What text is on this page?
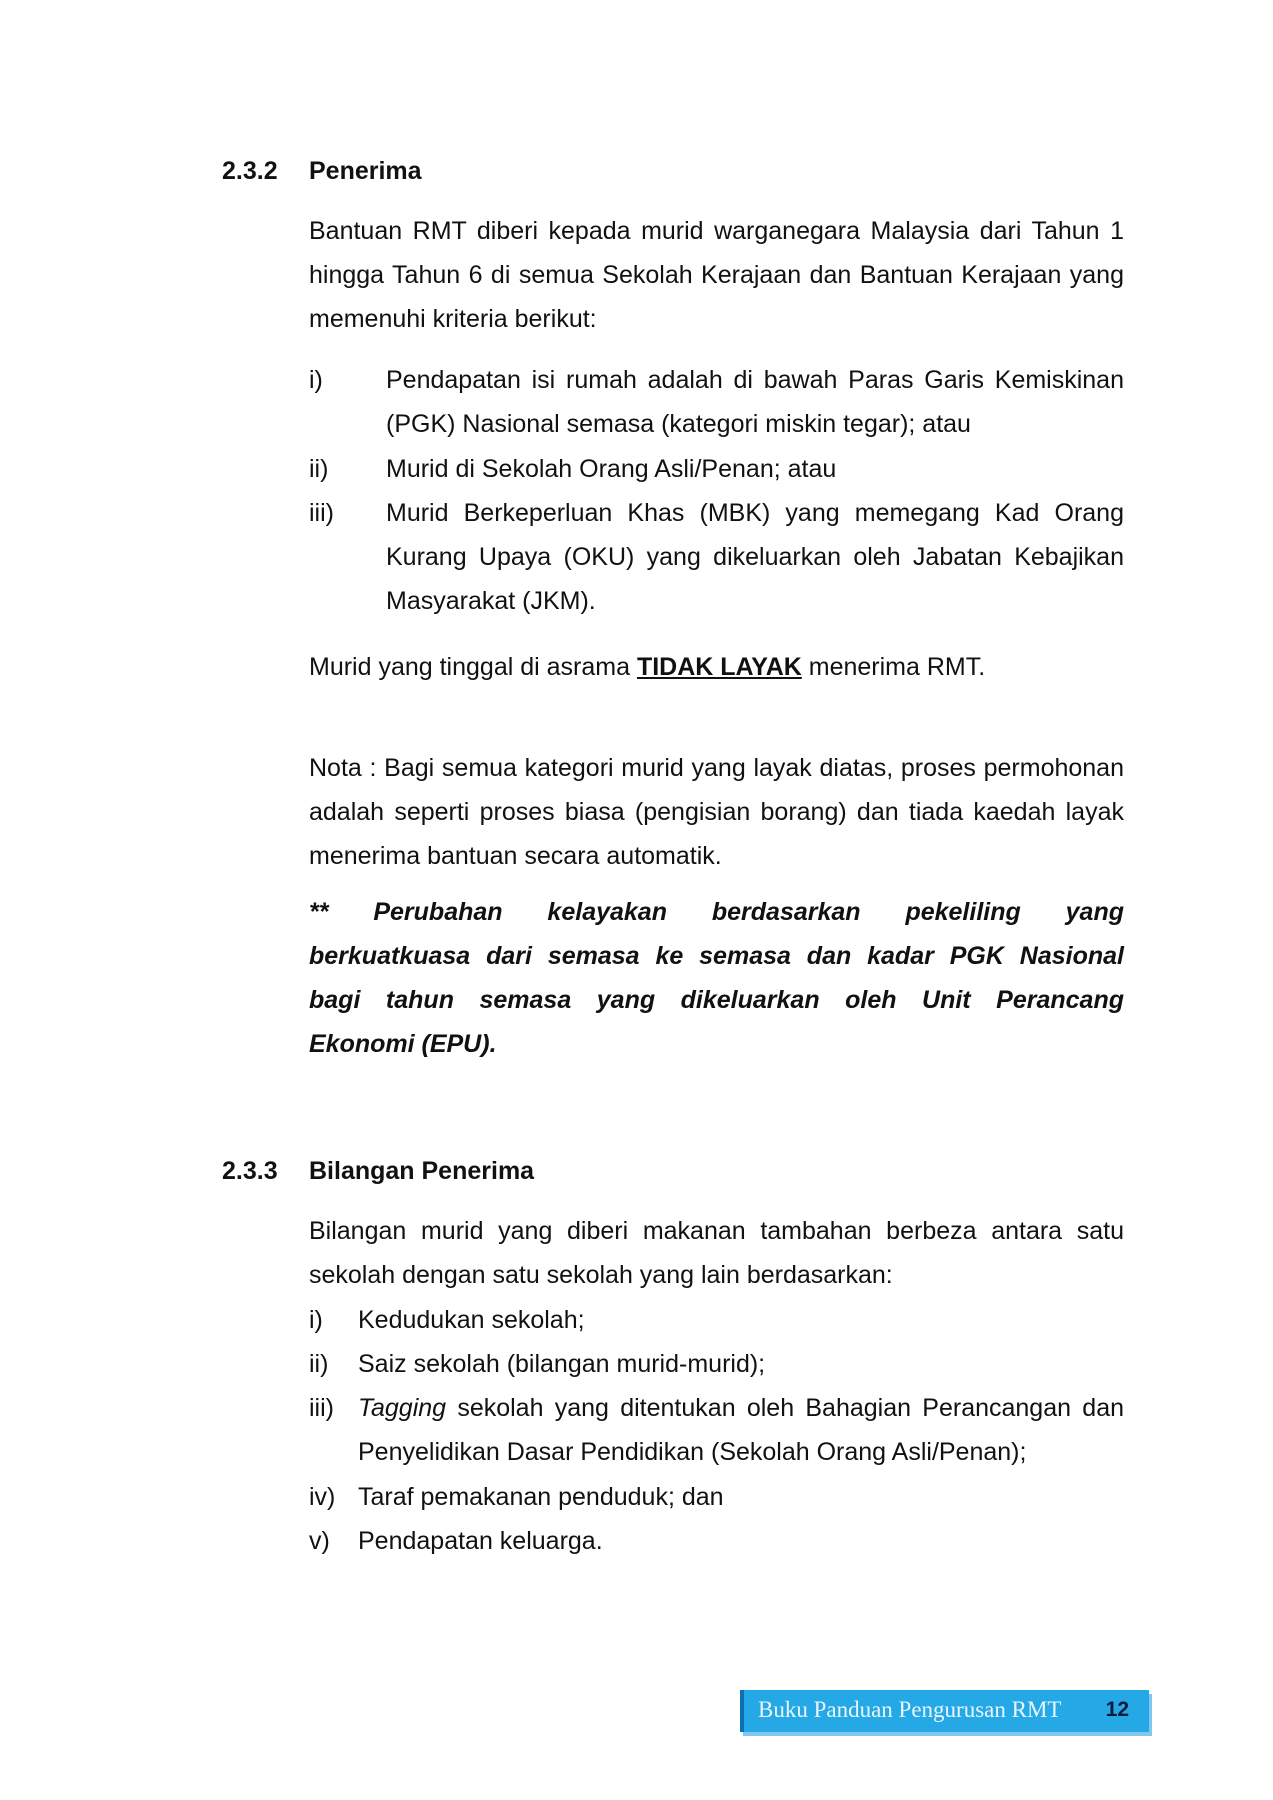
2.3.2 Penerima
Bantuan RMT diberi kepada murid warganegara Malaysia dari Tahun 1 hingga Tahun 6 di semua Sekolah Kerajaan dan Bantuan Kerajaan yang memenuhi kriteria berikut:
i)	Pendapatan isi rumah adalah di bawah Paras Garis Kemiskinan (PGK) Nasional semasa (kategori miskin tegar); atau
ii) Murid di Sekolah Orang Asli/Penan; atau
iii) Murid Berkeperluan Khas (MBK) yang memegang Kad Orang Kurang Upaya (OKU) yang dikeluarkan oleh Jabatan Kebajikan Masyarakat (JKM).
Murid yang tinggal di asrama TIDAK LAYAK menerima RMT.
Nota : Bagi semua kategori murid yang layak diatas, proses permohonan adalah seperti proses biasa (pengisian borang) dan tiada kaedah layak menerima bantuan secara automatik.
** Perubahan kelayakan berdasarkan pekeliling yang
berkuatkuasa dari semasa ke semasa dan kadar PGK Nasional
bagi tahun semasa yang dikeluarkan oleh Unit Perancang
Ekonomi (EPU).
2.3.3 Bilangan Penerima
Bilangan murid yang diberi makanan tambahan berbeza antara satu sekolah dengan satu sekolah yang lain berdasarkan:
i) Kedudukan sekolah;
ii) Saiz sekolah (bilangan murid-murid);
iii) Tagging sekolah yang ditentukan oleh Bahagian Perancangan dan Penyelidikan Dasar Pendidikan (Sekolah Orang Asli/Penan);
iv) Taraf pemakanan penduduk; dan
v) Pendapatan keluarga.
Buku Panduan Pengurusan RMT 12
